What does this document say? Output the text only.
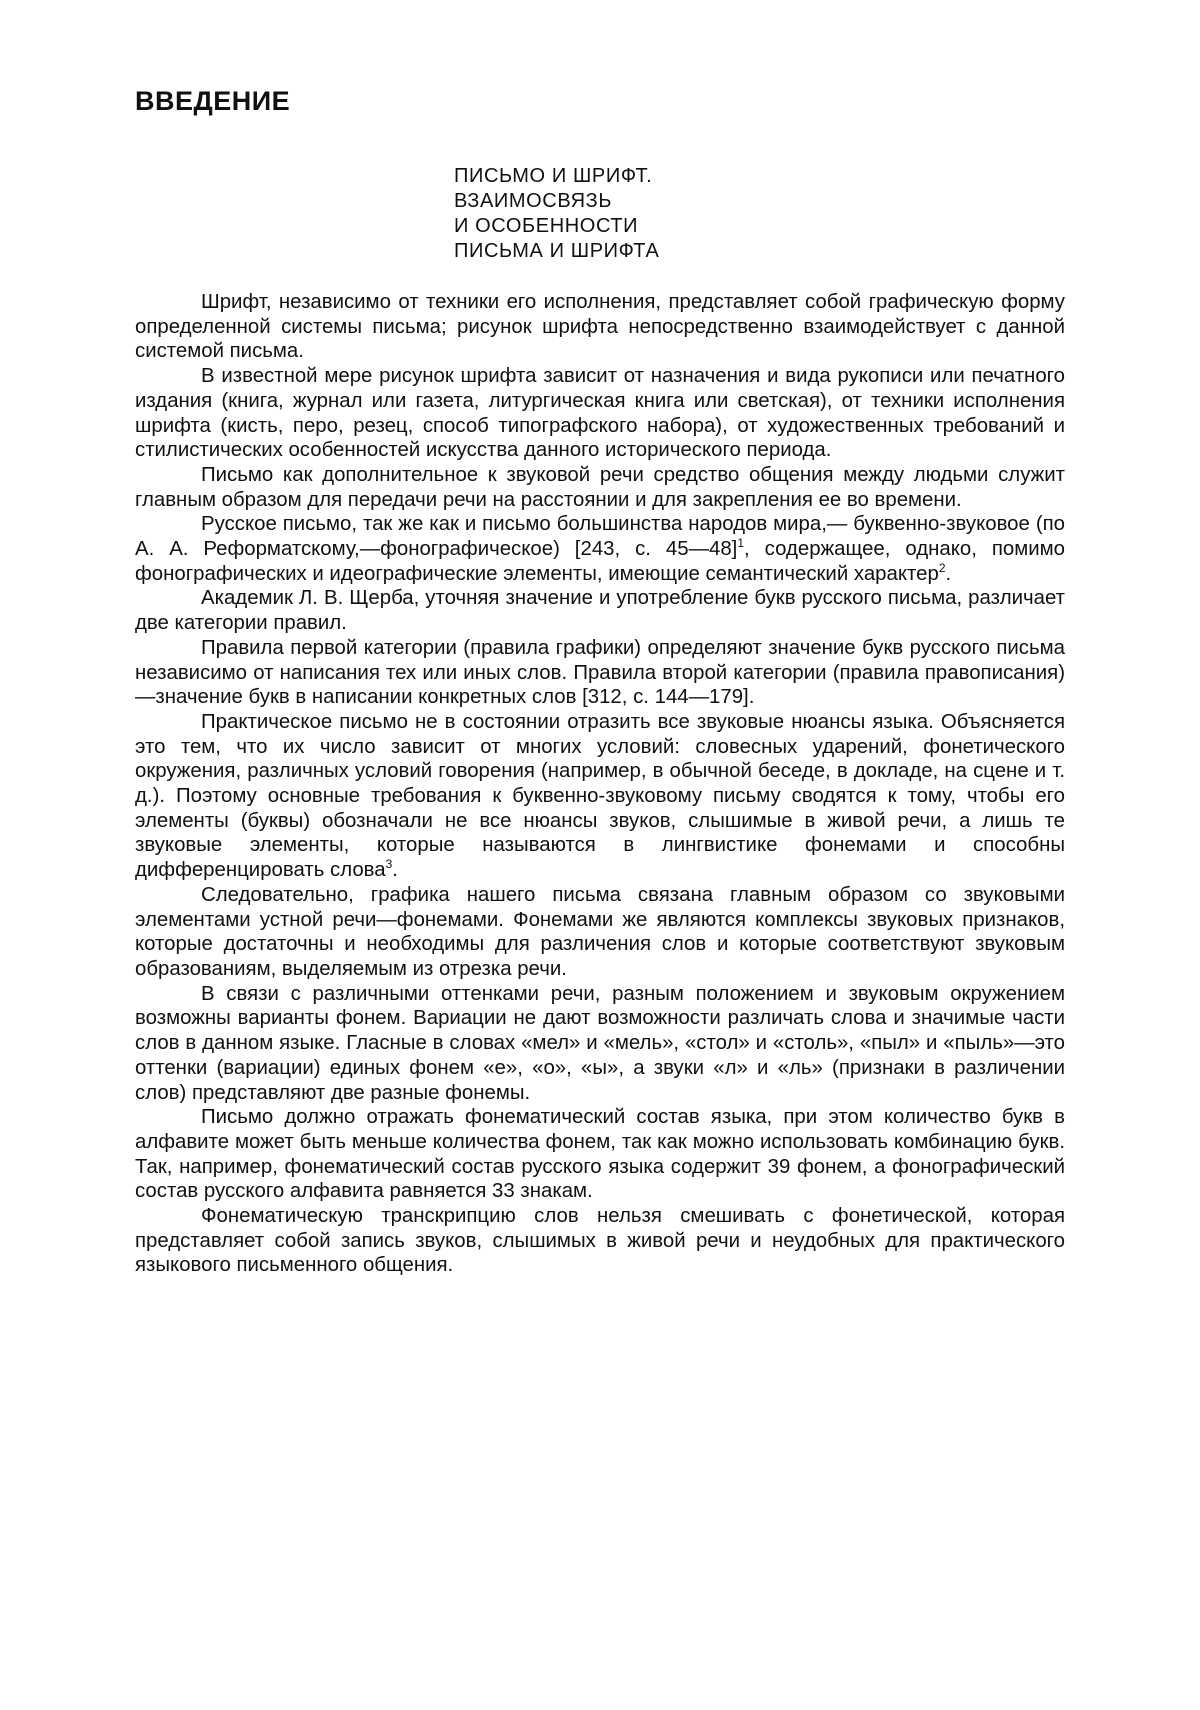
ВВЕДЕНИЕ
ПИСЬМО И ШРИФТ.
ВЗАИМОСВЯЗЬ
И ОСОБЕННОСТИ
ПИСЬМА И ШРИФТА

Шрифт, независимо от техники его исполнения, представляет собой графическую форму определенной системы письма; рисунок шрифта непосредственно взаимодействует с данной системой письма.

В известной мере рисунок шрифта зависит от назначения и вида рукописи или печатного издания (книга, журнал или газета, литургическая книга или светская), от техники исполнения шрифта (кисть, перо, резец, способ типографского набора), от художественных требований и стилистических особенностей искусства данного исторического периода.

Письмо как дополнительное к звуковой речи средство общения между людьми служит главным образом для передачи речи на расстоянии и для закрепления ее во времени.

Русское письмо, так же как и письмо большинства народов мира,— буквенно-звуковое (по А. А. Реформатскому,—фонографическое) [243, с. 45—48]$^1$, содержащее, однако, помимо фонографических и идеографические элементы, имеющие семантический характер$^2$.

Академик Л. В. Щерба, уточняя значение и употребление букв русского письма, различает две категории правил.

Правила первой категории (правила графики) определяют значение букв русского письма независимо от написания тех или иных слов. Правила второй категории (правила правописания)—значение букв в написании конкретных слов [312, с. 144—179].

Практическое письмо не в состоянии отразить все звуковые нюансы языка. Объясняется это тем, что их число зависит от многих условий: словесных ударений, фонетического окружения, различных условий говорения (например, в обычной беседе, в докладе, на сцене и т. д.). Поэтому основные требования к буквенно-звуковому письму сводятся к тому, чтобы его элементы (буквы) обозначали не все нюансы звуков, слышимые в живой речи, а лишь те звуковые элементы, которые называются в лингвистике фонемами и способны дифференцировать слова$^3$.

Следовательно, графика нашего письма связана главным образом со звуковыми элементами устной речи—фонемами. Фонемами же являются комплексы звуковых признаков, которые достаточны и необходимы для различения слов и которые соответствуют звуковым образованиям, выделяемым из отрезка речи.

В связи с различными оттенками речи, разным положением и звуковым окружением возможны варианты фонем. Вариации не дают возможности различать слова и значимые части слов в данном языке. Гласные в словах «мел» и «мель», «стол» и «столь», «пыл» и «пыль»—это оттенки (вариации) единых фонем «е», «о», «ы», а звуки «л» и «ль» (признаки в различении слов) представляют две разные фонемы.

Письмо должно отражать фонематический состав языка, при этом количество букв в алфавите может быть меньше количества фонем, так как можно использовать комбинацию букв. Так, например, фонематический состав русского языка содержит 39 фонем, а фонографический состав русского алфавита равняется 33 знакам.

Фонематическую транскрипцию слов нельзя смешивать с фонетической, которая представляет собой запись звуков, слышимых в живой речи и неудобных для практического языкового письменного общения.
